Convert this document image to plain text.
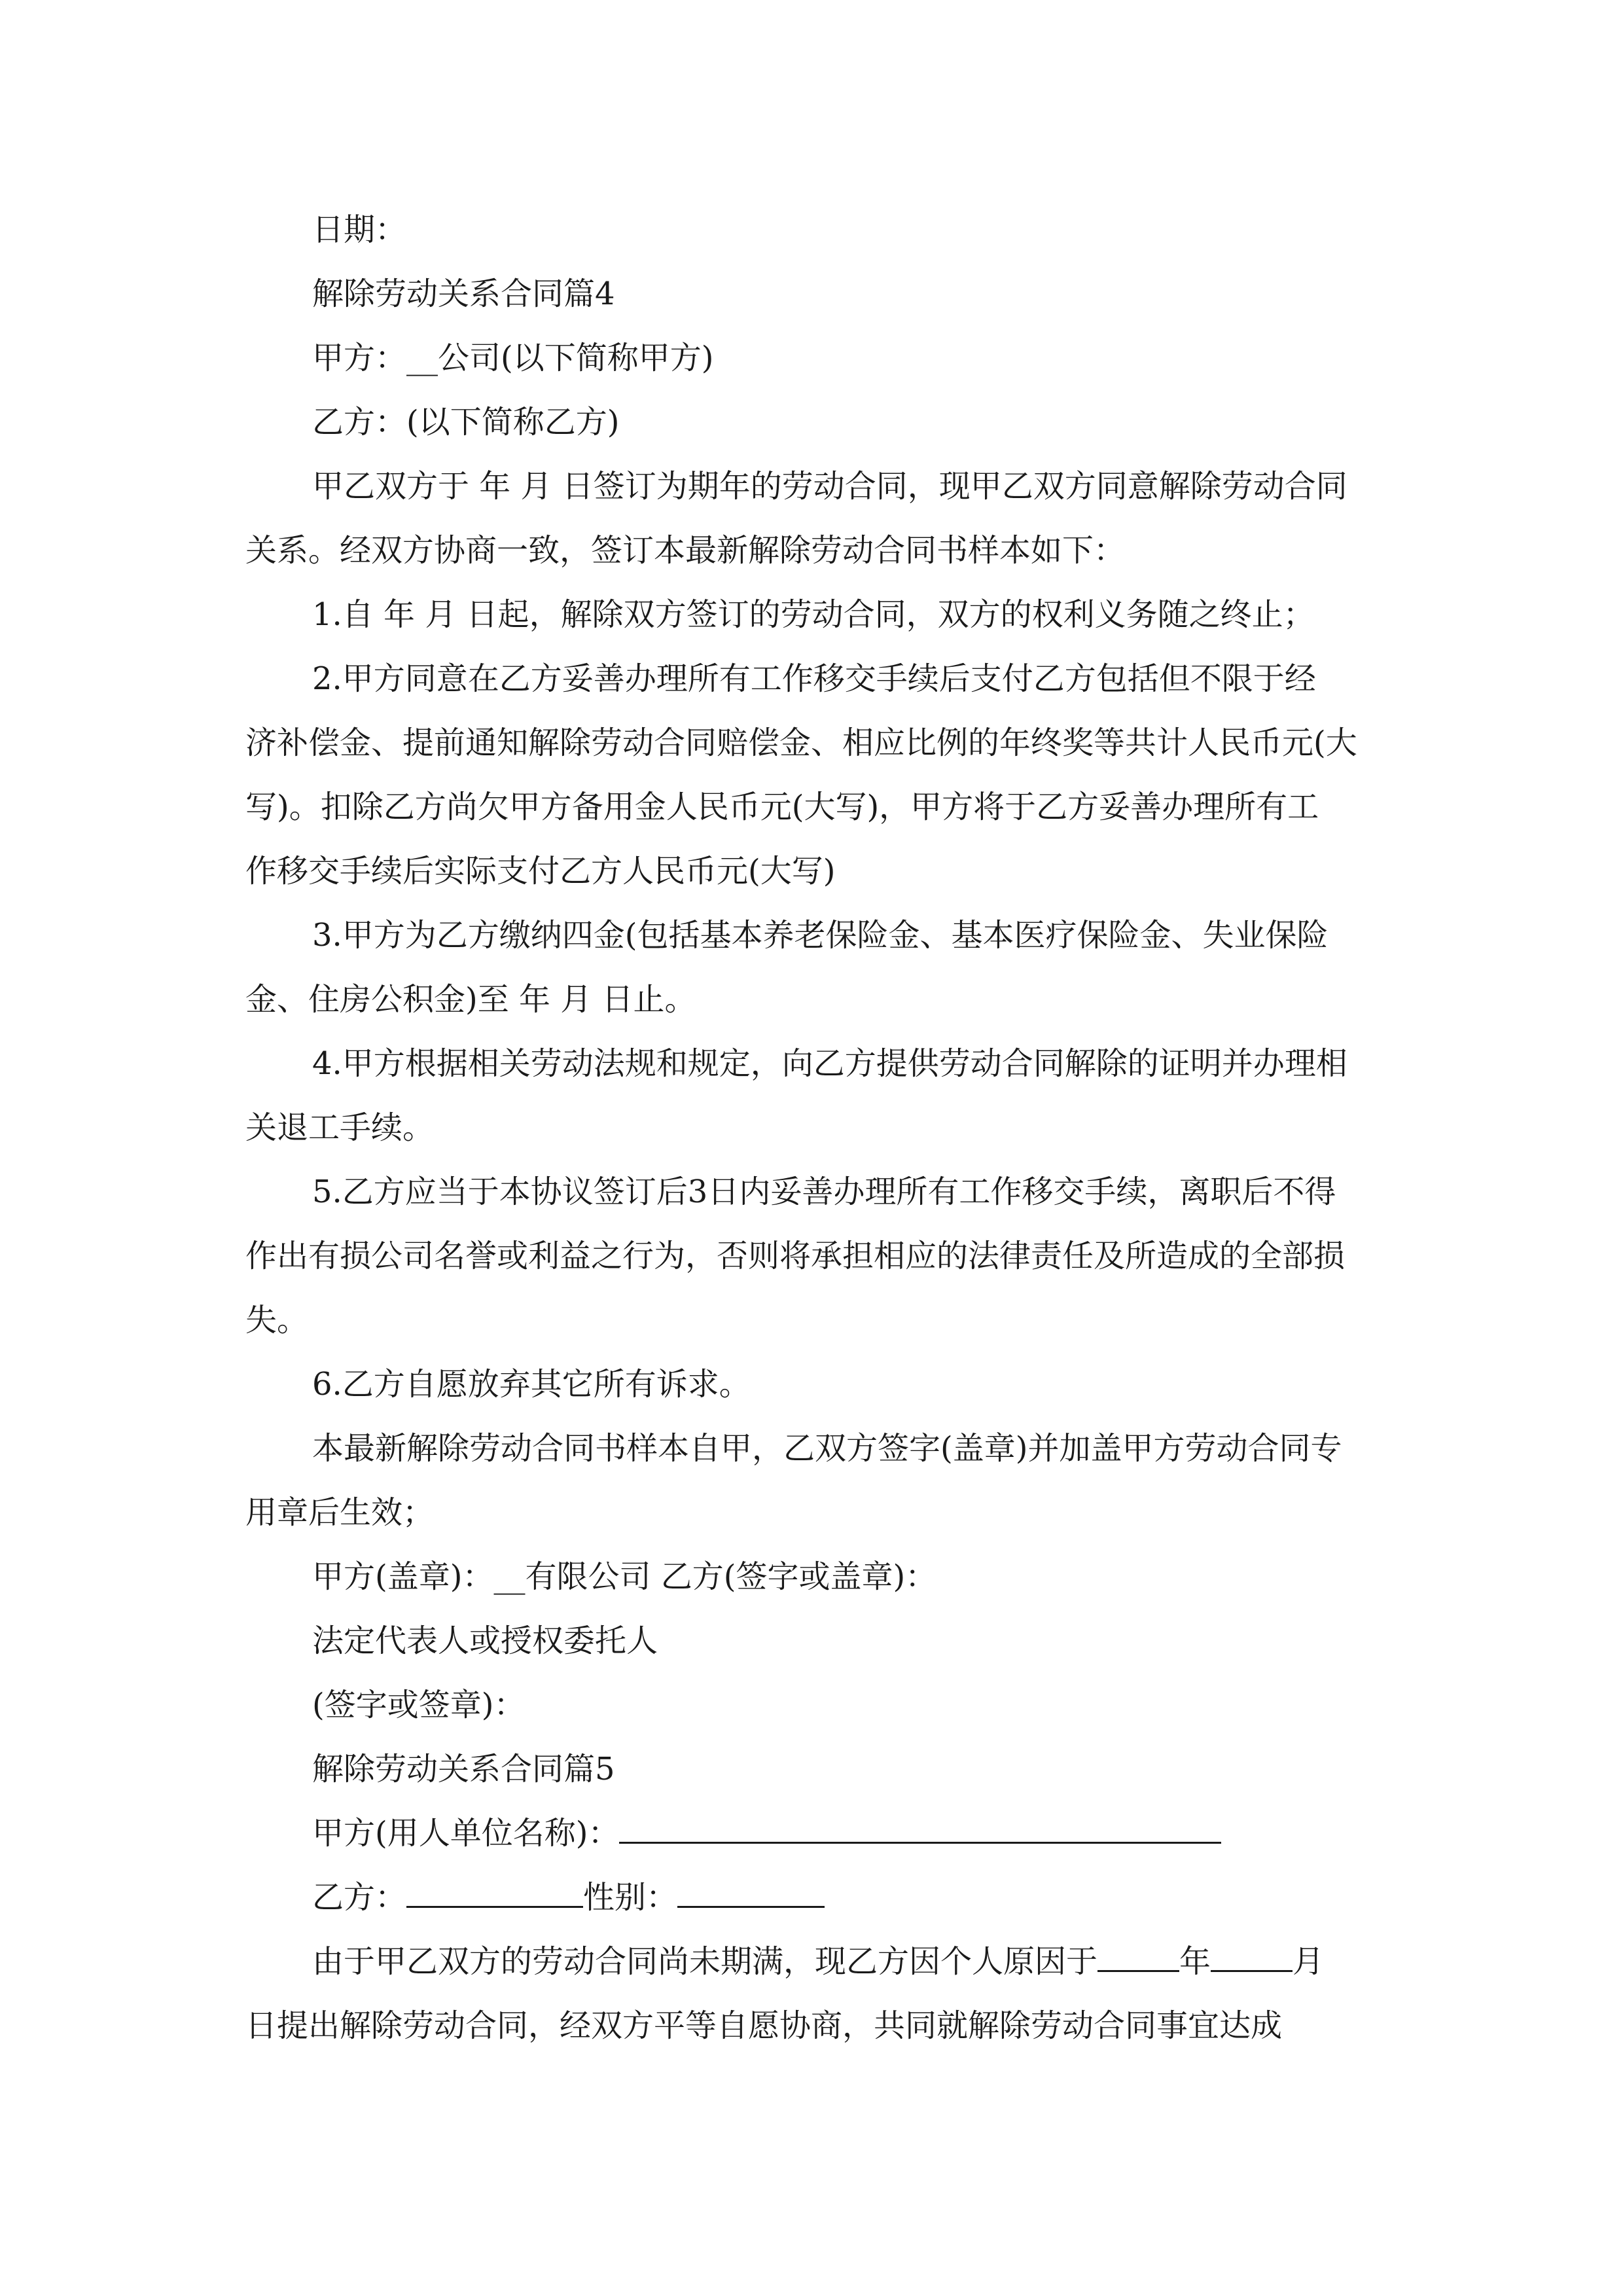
日期：
解除劳动关系合同篇4
甲方：__公司(以下简称甲方)
乙方：(以下简称乙方)
甲乙双方于 年 月 日签订为期年的劳动合同，现甲乙双方同意解除劳动合同
关系。经双方协商一致，签订本最新解除劳动合同书样本如下：
1.自 年 月 日起，解除双方签订的劳动合同，双方的权利义务随之终止；
2.甲方同意在乙方妥善办理所有工作移交手续后支付乙方包括但不限于经
济补偿金、提前通知解除劳动合同赔偿金、相应比例的年终奖等共计人民币元(大
写)。扣除乙方尚欠甲方备用金人民币元(大写)，甲方将于乙方妥善办理所有工
作移交手续后实际支付乙方人民币元(大写)
3.甲方为乙方缴纳四金(包括基本养老保险金、基本医疗保险金、失业保险
金、住房公积金)至 年 月 日止。
4.甲方根据相关劳动法规和规定，向乙方提供劳动合同解除的证明并办理相
关退工手续。
5.乙方应当于本协议签订后3日内妥善办理所有工作移交手续，离职后不得
作出有损公司名誉或利益之行为，否则将承担相应的法律责任及所造成的全部损
失。
6.乙方自愿放弃其它所有诉求。
本最新解除劳动合同书样本自甲，乙双方签字(盖章)并加盖甲方劳动合同专
用章后生效；
甲方(盖章)：__有限公司 乙方(签字或盖章)：
法定代表人或授权委托人
(签字或签章)：
解除劳动关系合同篇5
甲方(用人单位名称)：
乙方：	性别：
由于甲乙双方的劳动合同尚未期满，现乙方因个人原因于	年	月
日提出解除劳动合同，经双方平等自愿协商，共同就解除劳动合同事宜达成
